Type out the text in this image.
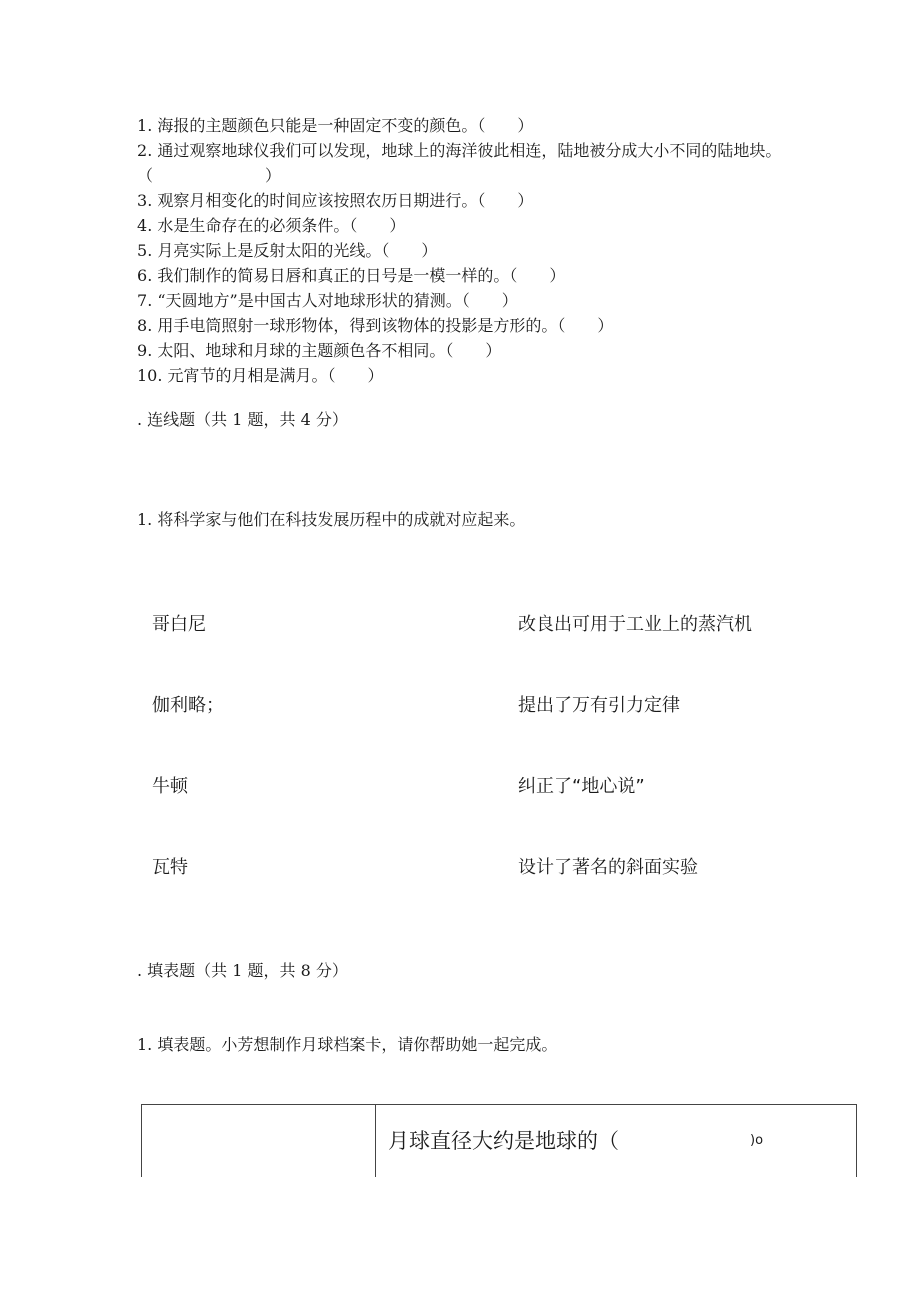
1. 海报的主题颜色只能是一种固定不变的颜色。（　　）

2. 通过观察地球仪我们可以发现，地球上的海洋彼此相连，陆地被分成大小不同的陆地块。（　　　　　　　）

3. 观察月相变化的时间应该按照农历日期进行。（　　）

4. 水是生命存在的必须条件。（　　）

5. 月亮实际上是反射太阳的光线。（　　）

6. 我们制作的简易日唇和真正的日号是一模一样的。（　　）

7. “天圆地方”是中国古人对地球形状的猜测。（　　）

8. 用手电筒照射一球形物体，得到该物体的投影是方形的。（　　）

9. 太阳、地球和月球的主题颜色各不相同。（　　）

10. 元宵节的月相是满月。（　　）

. 连线题（共 1 题，共 4 分）
1. 将科学家与他们在科技发展历程中的成就对应起来。
哥白尼
伽利略；
牛顿
瓦特
改良出可用于工业上的蒸汽机
提出了万有引力定律
纠正了“地心说”
设计了著名的斜面实验
. 填表题（共 1 题，共 8 分）
1. 填表题。小芳想制作月球档案卡，请你帮助她一起完成。
月球直径大约是地球的（	)o
